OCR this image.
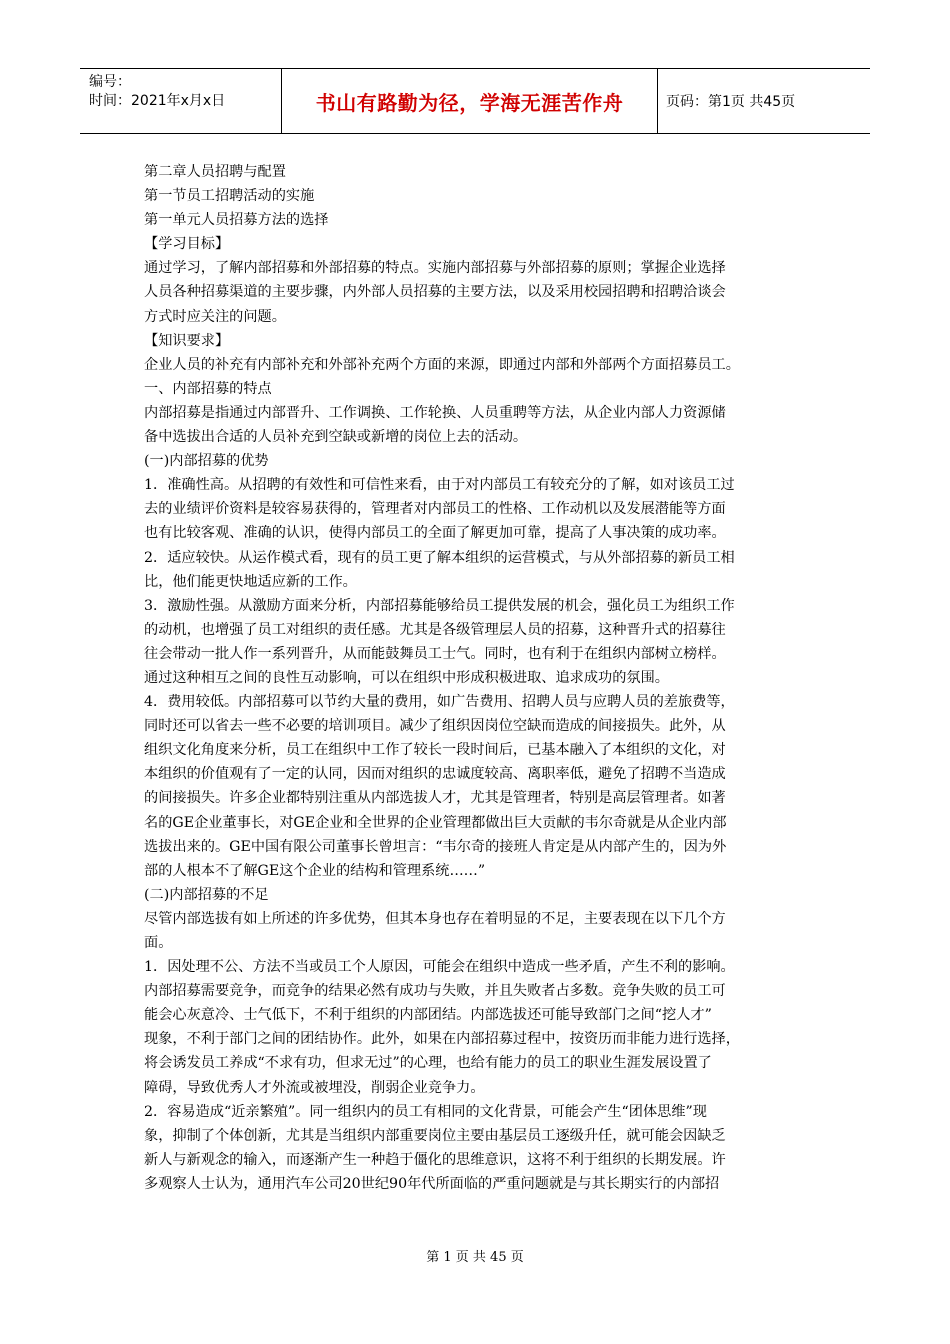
编号：
时间：2021年x月x日	书山有路勤为径，学海无涯苦作舟	页码：第1页 共45页

第二章人员招聘与配置

第一节员工招聘活动的实施

第一单元人员招募方法的选择

【学习目标】

通过学习，了解内部招募和外部招募的特点。实施内部招募与外部招募的原则；掌握企业选择

人员各种招募渠道的主要步骤，内外部人员招募的主要方法，以及采用校园招聘和招聘洽谈会

方式时应关注的问题。

【知识要求】

企业人员的补充有内部补充和外部补充两个方面的来源，即通过内部和外部两个方面招募员工。

一、内部招募的特点

内部招募是指通过内部晋升、工作调换、工作轮换、人员重聘等方法，从企业内部人力资源储

备中选拔出合适的人员补充到空缺或新增的岗位上去的活动。

(一)内部招募的优势

1．准确性高。从招聘的有效性和可信性来看，由于对内部员工有较充分的了解，如对该员工过

去的业绩评价资料是较容易获得的，管理者对内部员工的性格、工作动机以及发展潜能等方面

也有比较客观、准确的认识，使得内部员工的全面了解更加可靠，提高了人事决策的成功率。

2．适应较快。从运作模式看，现有的员工更了解本组织的运营模式，与从外部招募的新员工相

比，他们能更快地适应新的工作。

3．激励性强。从激励方面来分析，内部招募能够给员工提供发展的机会，强化员工为组织工作

的动机，也增强了员工对组织的责任感。尤其是各级管理层人员的招募，这种晋升式的招募往

往会带动一批人作一系列晋升，从而能鼓舞员工士气。同时，也有利于在组织内部树立榜样。

通过这种相互之间的良性互动影响，可以在组织中形成积极进取、追求成功的氛围。

4．费用较低。内部招募可以节约大量的费用，如广告费用、招聘人员与应聘人员的差旅费等，

同时还可以省去一些不必要的培训项目。减少了组织因岗位空缺而造成的间接损失。此外，从

组织文化角度来分析，员工在组织中工作了较长一段时间后，已基本融入了本组织的文化，对

本组织的价值观有了一定的认同，因而对组织的忠诚度较高、离职率低，避免了招聘不当造成

的间接损失。许多企业都特别注重从内部选拔人才，尤其是管理者，特别是高层管理者。如著

名的GE企业董事长，对GE企业和全世界的企业管理都做出巨大贡献的韦尔奇就是从企业内部

选拔出来的。GE中国有限公司董事长曾坦言：“韦尔奇的接班人肯定是从内部产生的，因为外

部的人根本不了解GE这个企业的结构和管理系统……”

(二)内部招募的不足

尽管内部选拔有如上所述的许多优势，但其本身也存在着明显的不足，主要表现在以下几个方

面。

1．因处理不公、方法不当或员工个人原因，可能会在组织中造成一些矛盾，产生不利的影响。

内部招募需要竞争，而竞争的结果必然有成功与失败，并且失败者占多数。竞争失败的员工可

能会心灰意冷、士气低下，不利于组织的内部团结。内部选拔还可能导致部门之间“挖人才”

现象，不利于部门之间的团结协作。此外，如果在内部招募过程中，按资历而非能力进行选择，

将会诱发员工养成“不求有功，但求无过”的心理，也给有能力的员工的职业生涯发展设置了

障碍，导致优秀人才外流或被埋没，削弱企业竞争力。

2．容易造成“近亲繁殖”。同一组织内的员工有相同的文化背景，可能会产生“团体思维”现

象，抑制了个体创新，尤其是当组织内部重要岗位主要由基层员工逐级升任，就可能会因缺乏

新人与新观念的输入，而逐渐产生一种趋于僵化的思维意识，这将不利于组织的长期发展。许

多观察人士认为，通用汽车公司20世纪90年代所面临的严重问题就是与其长期实行的内部招

第 1 页 共 45 页
